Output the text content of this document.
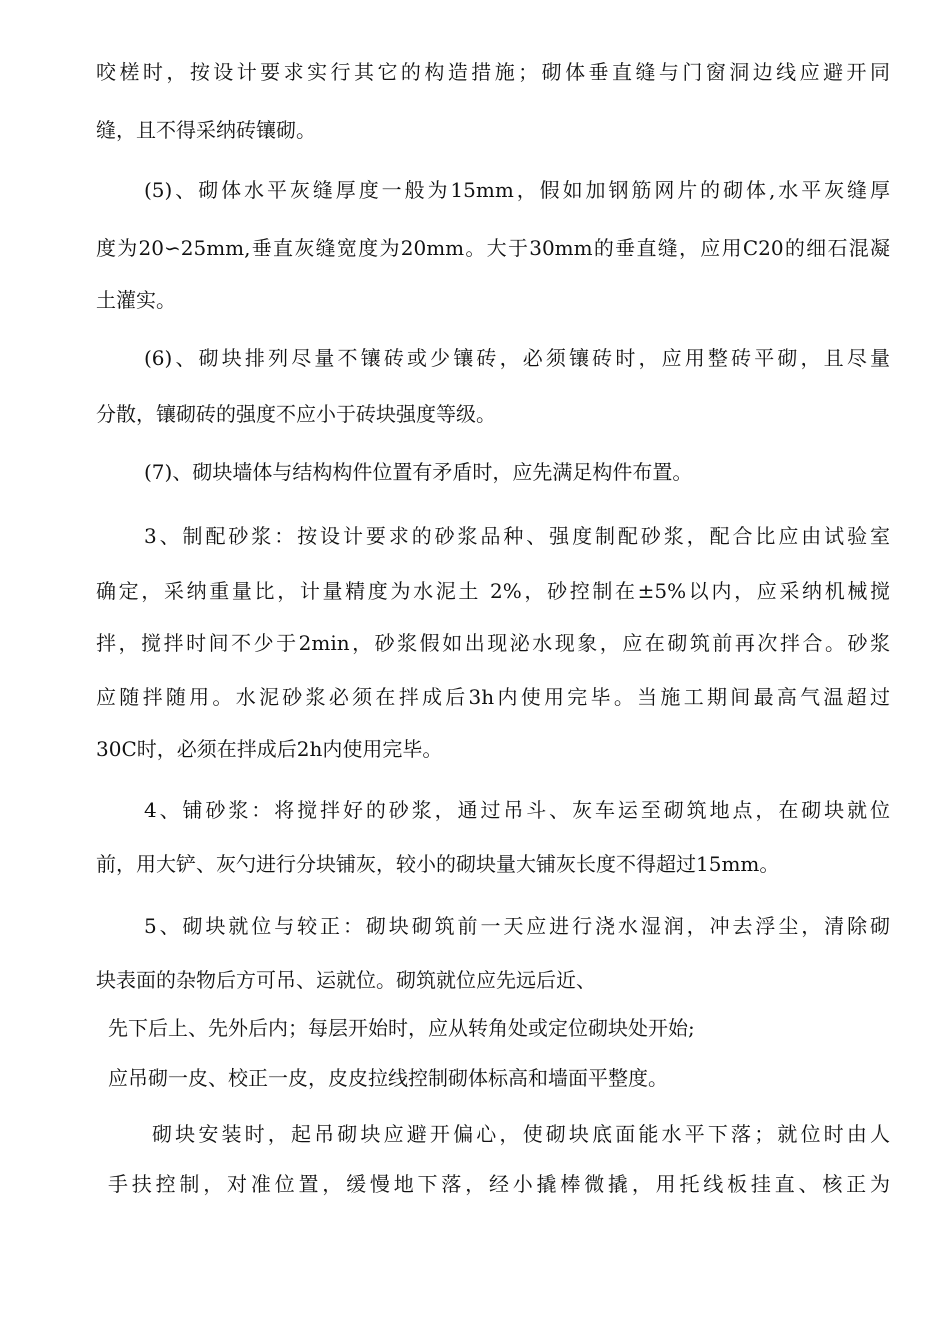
咬槎时，按设计要求实行其它的构造措施；砌体垂直缝与门窗洞边线应避开同
缝，且不得采纳砖镶砌。
(5)、砌体水平灰缝厚度一般为15mm，假如加钢筋网片的砌体,水平灰缝厚
度为20∽25mm,垂直灰缝宽度为20mm。大于30mm的垂直缝，应用C20的细石混凝
土灌实。
(6)、砌块排列尽量不镶砖或少镶砖，必须镶砖时，应用整砖平砌，且尽量
分散，镶砌砖的强度不应小于砖块强度等级。
(7)、砌块墙体与结构构件位置有矛盾时，应先满足构件布置。
3、制配砂浆：按设计要求的砂浆品种、强度制配砂浆，配合比应由试验室
确定，采纳重量比，计量精度为水泥土 2%，砂控制在±5%以内，应采纳机械搅
拌，搅拌时间不少于2min，砂浆假如出现泌水现象，应在砌筑前再次拌合。砂浆
应随拌随用。水泥砂浆必须在拌成后3h内使用完毕。当施工期间最高气温超过
30C时，必须在拌成后2h内使用完毕。
4、铺砂浆：将搅拌好的砂浆，通过吊斗、灰车运至砌筑地点，在砌块就位
前，用大铲、灰勺进行分块铺灰，较小的砌块量大铺灰长度不得超过15mm。
5、砌块就位与较正：砌块砌筑前一天应进行浇水湿润，冲去浮尘，清除砌
块表面的杂物后方可吊、运就位。砌筑就位应先远后近、
先下后上、先外后内；每层开始时，应从转角处或定位砌块处开始;
应吊砌一皮、校正一皮，皮皮拉线控制砌体标高和墙面平整度。
砌块安装时，起吊砌块应避开偏心，使砌块底面能水平下落；就位时由人
手扶控制，对准位置，缓慢地下落，经小撬棒微撬，用托线板挂直、核正为
